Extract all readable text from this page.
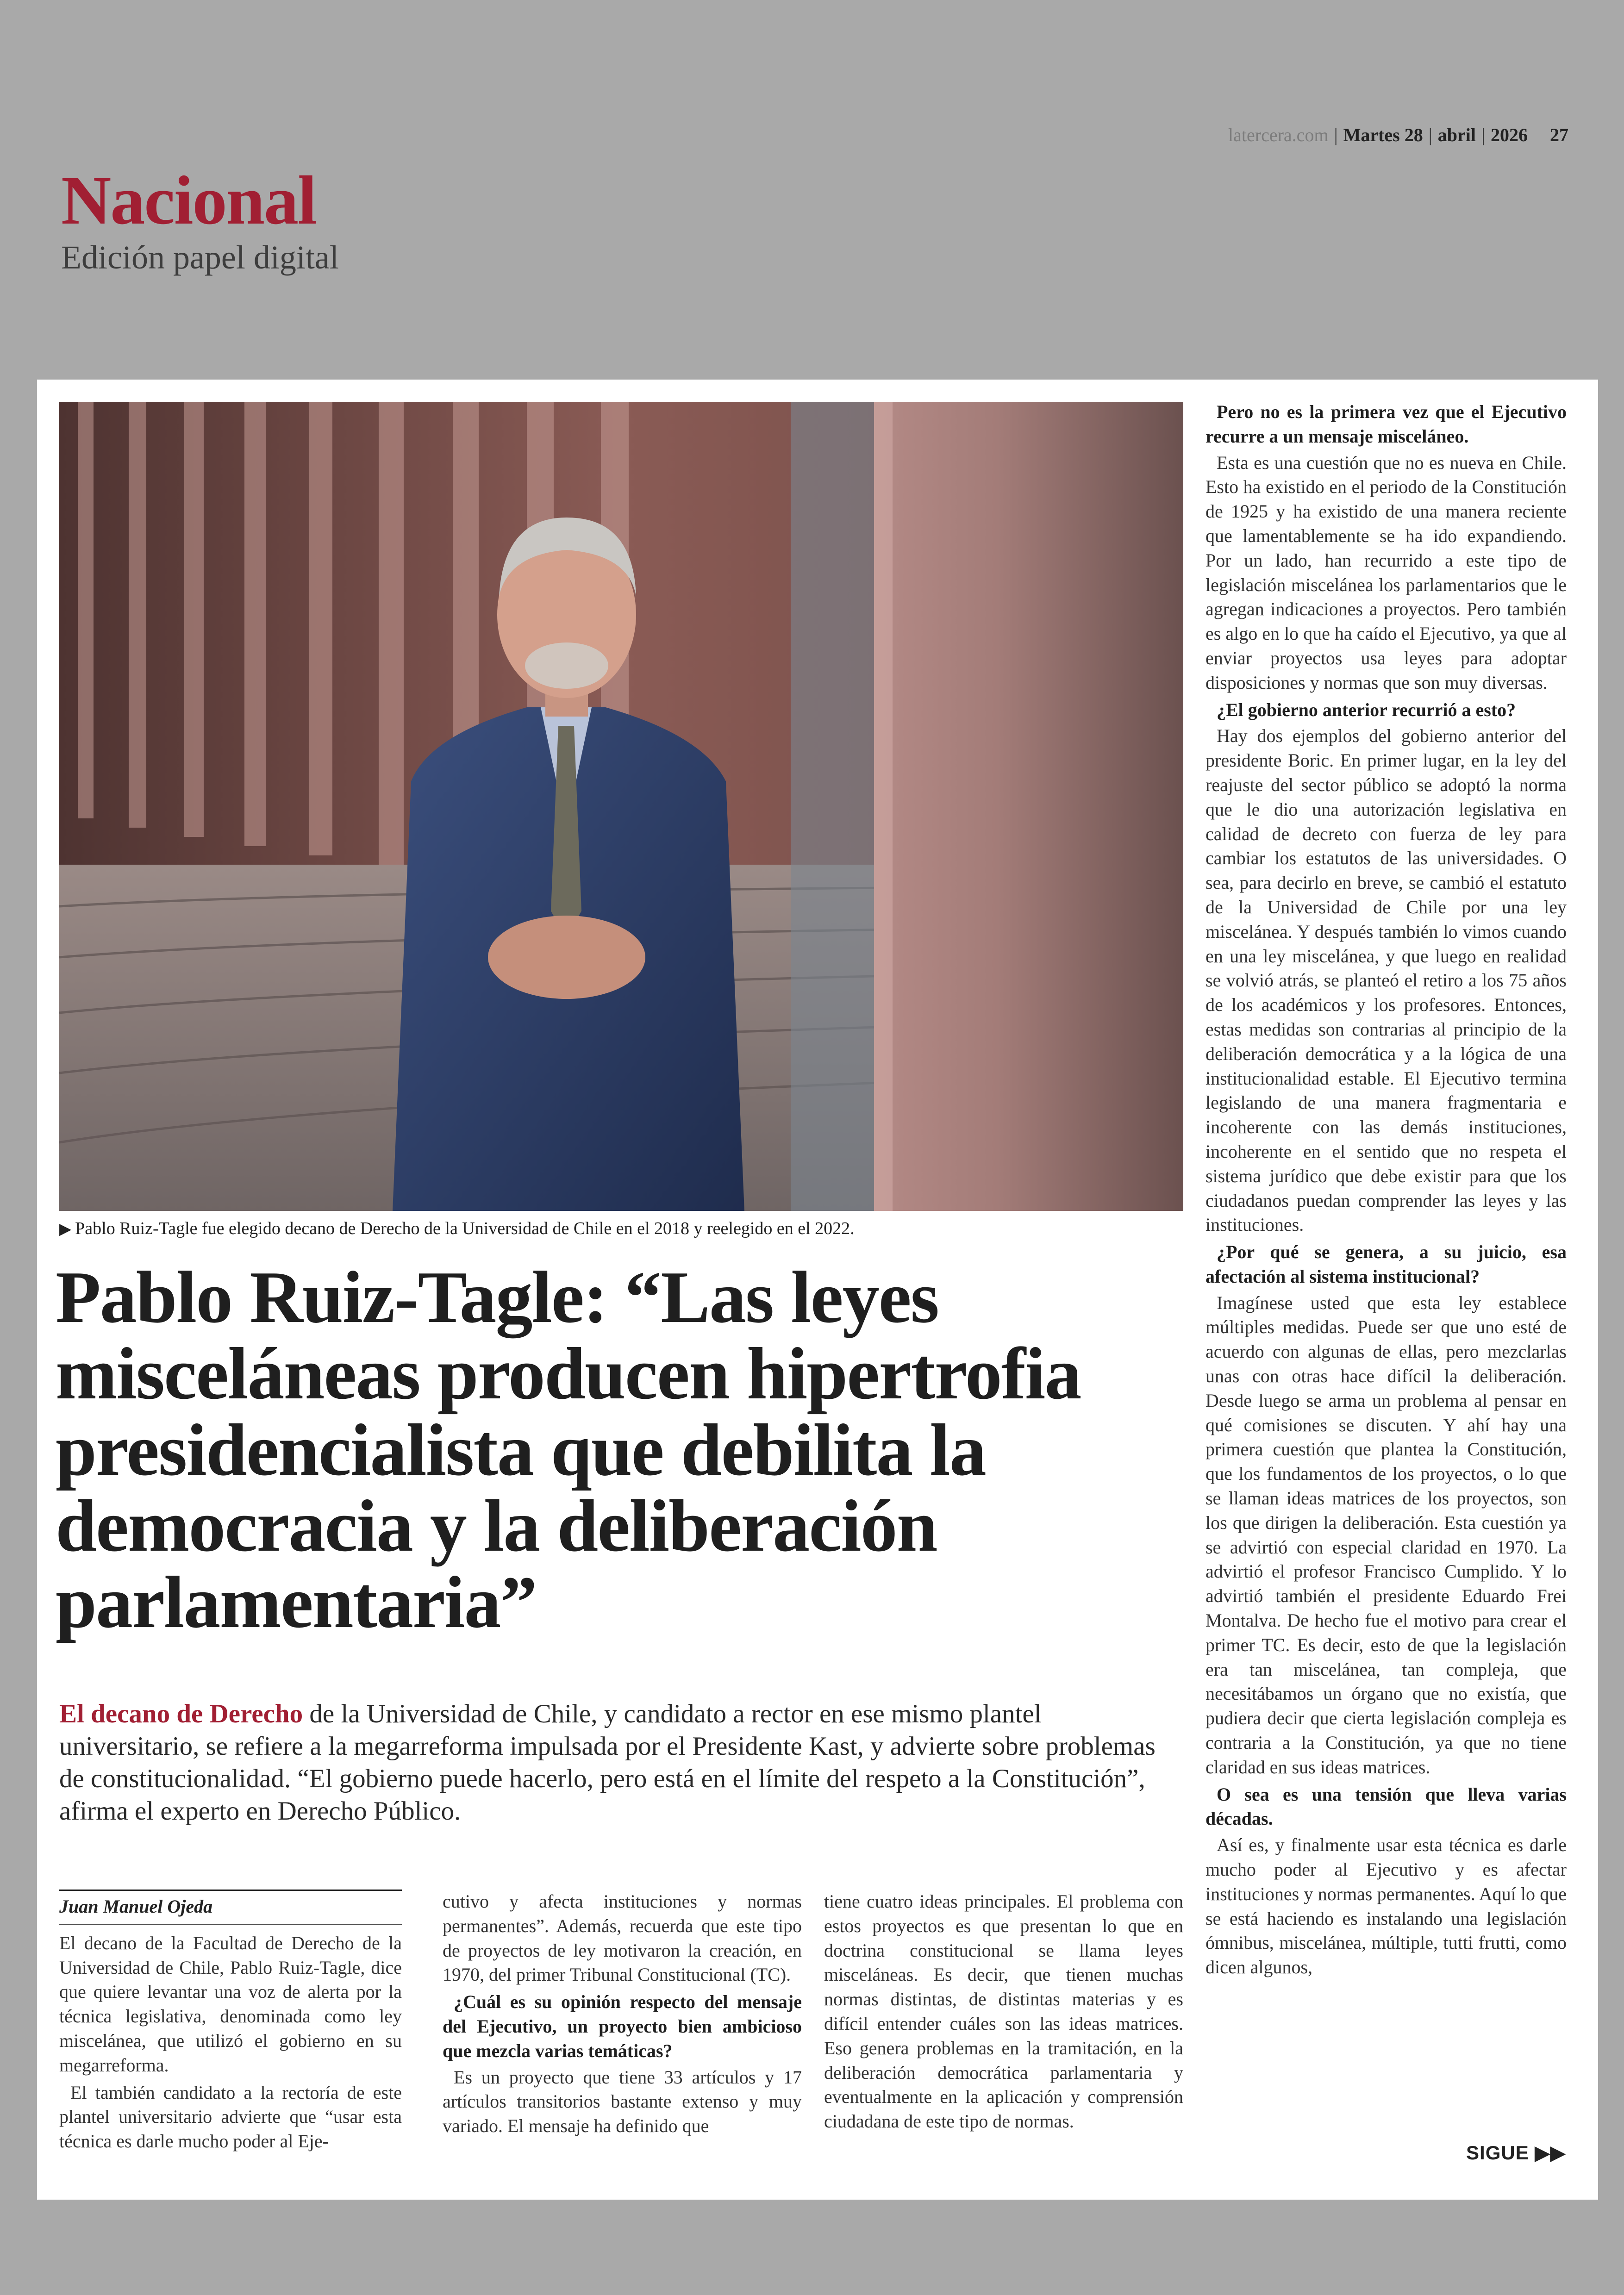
latercera.com | Martes 28 | abril | 2026 27
Nacional
Edición papel digital
▶ Pablo Ruiz-Tagle fue elegido decano de Derecho de la Universidad de Chile en el 2018 y reelegido en el 2022.
Pablo Ruiz-Tagle: “Las leyes misceláneas producen hipertrofia presidencialista que debilita la democracia y la deliberación parlamentaria”

El decano de Derecho de la Universidad de Chile, y candidato a rector en ese mismo plantel universitario, se refiere a la megarreforma impulsada por el Presidente Kast, y advierte sobre problemas de constitucionalidad. “El gobierno puede hacerlo, pero está en el límite del respeto a la Constitución”, afirma el experto en Derecho Público.

Juan Manuel Ojeda

El decano de la Facultad de Derecho de la Universidad de Chile, Pablo Ruiz-Tagle, dice que quiere levantar una voz de alerta por la técnica legislativa, denominada como ley miscelánea, que utilizó el gobierno en su megarreforma.

El también candidato a la rectoría de este plantel universitario advierte que “usar esta técnica es darle mucho poder al Eje-

cutivo y afecta instituciones y normas permanentes”. Además, recuerda que este tipo de proyectos de ley motivaron la creación, en 1970, del primer Tribunal Constitucional (TC).

¿Cuál es su opinión respecto del mensaje del Ejecutivo, un proyecto bien ambicioso que mezcla varias temáticas?

Es un proyecto que tiene 33 artículos y 17 artículos transitorios bastante extenso y muy variado. El mensaje ha definido que

tiene cuatro ideas principales. El problema con estos proyectos es que presentan lo que en doctrina constitucional se llama leyes misceláneas. Es decir, que tienen muchas normas distintas, de distintas materias y es difícil entender cuáles son las ideas matrices. Eso genera problemas en la tramitación, en la deliberación democrática parlamentaria y eventualmente en la aplicación y comprensión ciudadana de este tipo de normas.

Pero no es la primera vez que el Ejecutivo recurre a un mensaje misceláneo.

Esta es una cuestión que no es nueva en Chile. Esto ha existido en el periodo de la Constitución de 1925 y ha existido de una manera reciente que lamentablemente se ha ido expandiendo. Por un lado, han recurrido a este tipo de legislación miscelánea los parlamentarios que le agregan indicaciones a proyectos. Pero también es algo en lo que ha caído el Ejecutivo, ya que al enviar proyectos usa leyes para adoptar disposiciones y normas que son muy diversas.

¿El gobierno anterior recurrió a esto?

Hay dos ejemplos del gobierno anterior del presidente Boric. En primer lugar, en la ley del reajuste del sector público se adoptó la norma que le dio una autorización legislativa en calidad de decreto con fuerza de ley para cambiar los estatutos de las universidades. O sea, para decirlo en breve, se cambió el estatuto de la Universidad de Chile por una ley miscelánea. Y después también lo vimos cuando en una ley miscelánea, y que luego en realidad se volvió atrás, se planteó el retiro a los 75 años de los académicos y los profesores. Entonces, estas medidas son contrarias al principio de la deliberación democrática y a la lógica de una institucionalidad estable. El Ejecutivo termina legislando de una manera fragmentaria e incoherente con las demás instituciones, incoherente en el sentido que no respeta el sistema jurídico que debe existir para que los ciudadanos puedan comprender las leyes y las instituciones.

¿Por qué se genera, a su juicio, esa afectación al sistema institucional?

Imagínese usted que esta ley establece múltiples medidas. Puede ser que uno esté de acuerdo con algunas de ellas, pero mezclarlas unas con otras hace difícil la deliberación. Desde luego se arma un problema al pensar en qué comisiones se discuten. Y ahí hay una primera cuestión que plantea la Constitución, que los fundamentos de los proyectos, o lo que se llaman ideas matrices de los proyectos, son los que dirigen la deliberación. Esta cuestión ya se advirtió con especial claridad en 1970. La advirtió el profesor Francisco Cumplido. Y lo advirtió también el presidente Eduardo Frei Montalva. De hecho fue el motivo para crear el primer TC. Es decir, esto de que la legislación era tan miscelánea, tan compleja, que necesitábamos un órgano que no existía, que pudiera decir que cierta legislación compleja es contraria a la Constitución, ya que no tiene claridad en sus ideas matrices.

O sea es una tensión que lleva varias décadas.

Así es, y finalmente usar esta técnica es darle mucho poder al Ejecutivo y es afectar instituciones y normas permanentes. Aquí lo que se está haciendo es instalando una legislación ómnibus, miscelánea, múltiple, tutti frutti, como dicen algunos,

SIGUE ▶▶
